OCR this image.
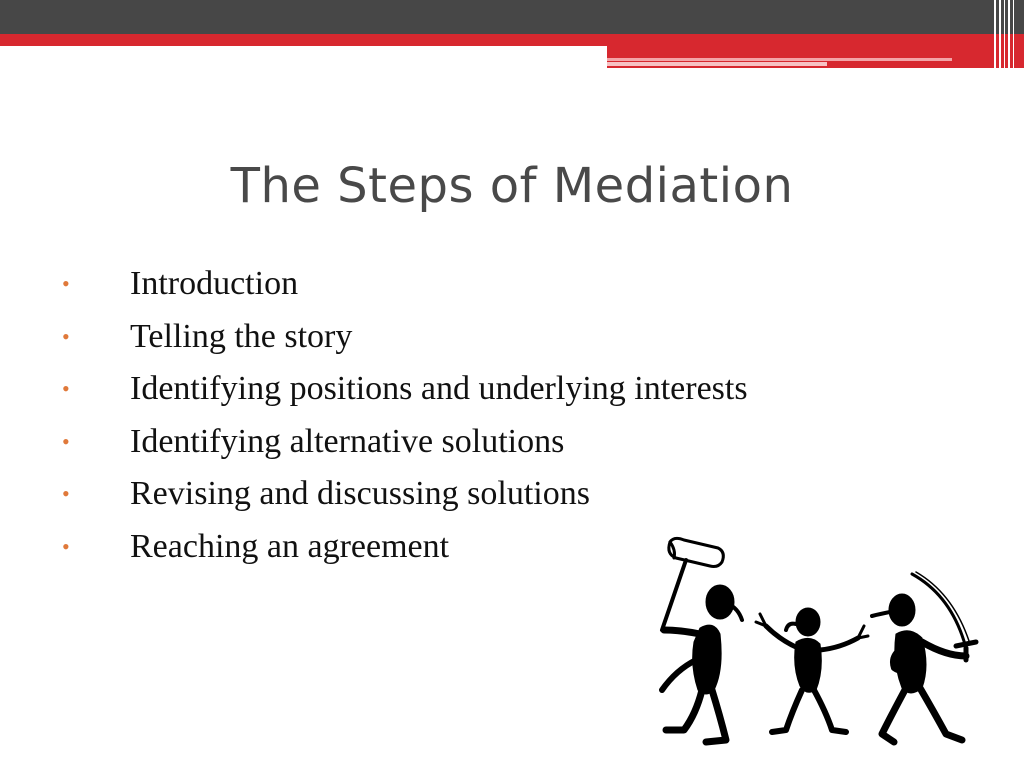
The Steps of Mediation
• Introduction
• Telling the story
• Identifying positions and underlying interests
• Identifying alternative solutions
• Revising and discussing solutions
• Reaching an agreement
